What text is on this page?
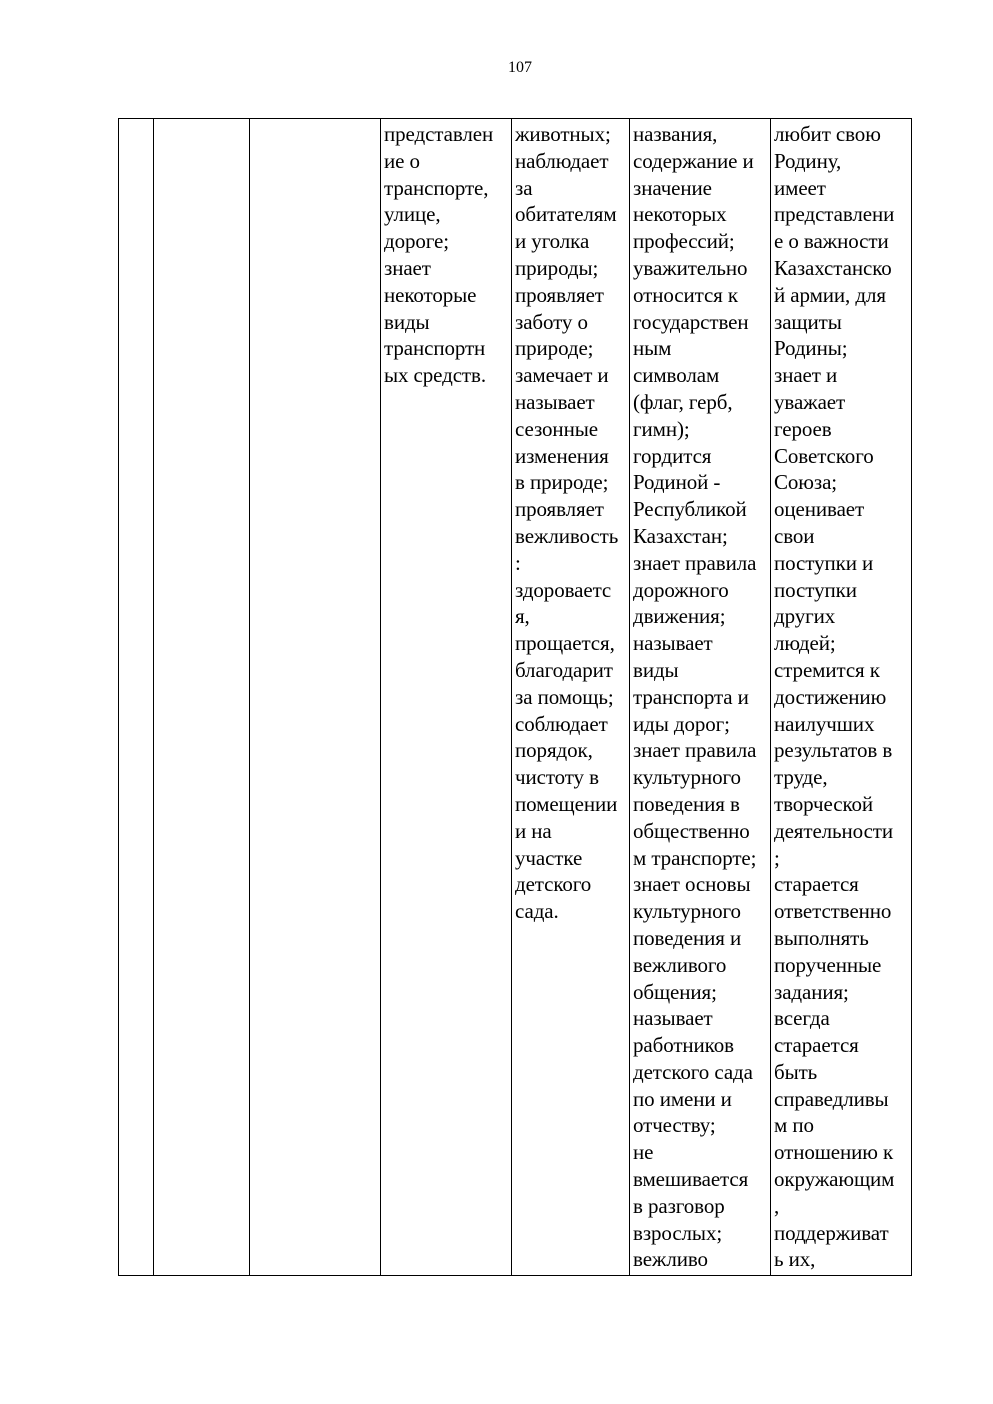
107
представлен
ие о
транспорте,
улице,
дороге;
знает
некоторые
виды
транспортн
ых средств.
животных;
наблюдает
за
обитателям
и уголка
природы;
проявляет
заботу о
природе;
замечает и
называет
сезонные
изменения
в природе;
проявляет
вежливость
:
здороваетс
я,
прощается,
благодарит
за помощь;
соблюдает
порядок,
чистоту в
помещении
и на
участке
детского
сада.
названия,
содержание и
значение
некоторых
профессий;
уважительно
относится к
государствен
ным
символам
(флаг, герб,
гимн);
гордится
Родиной -
Республикой
Казахстан;
знает правила
дорожного
движения;
называет
виды
транспорта и
иды дорог;
знает правила
культурного
поведения в
общественно
м транспорте;
знает основы
культурного
поведения и
вежливого
общения;
называет
работников
детского сада
по имени и
отчеству;
не
вмешивается
в разговор
взрослых;
вежливо
любит свою
Родину,
имеет
представлени
е о важности
Казахстанско
й армии, для
защиты
Родины;
знает и
уважает
героев
Советского
Союза;
оценивает
свои
поступки и
поступки
других
людей;
стремится к
достижению
наилучших
результатов в
труде,
творческой
деятельности
;
старается
ответственно
выполнять
порученные
задания;
всегда
старается
быть
справедливы
м по
отношению к
окружающим
,
поддерживат
ь их,
